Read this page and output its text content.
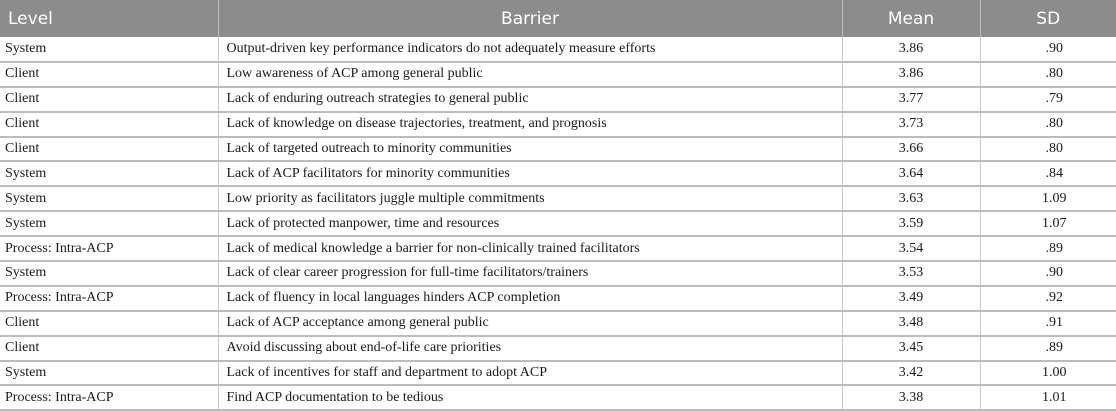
Level	Barrier	Mean	SD
System	Output-driven key performance indicators do not adequately measure efforts	3.86	.90
Client	Low awareness of ACP among general public	3.86	.80
Client	Lack of enduring outreach strategies to general public	3.77	.79
Client	Lack of knowledge on disease trajectories, treatment, and prognosis	3.73	.80
Client	Lack of targeted outreach to minority communities	3.66	.80
System	Lack of ACP facilitators for minority communities	3.64	.84
System	Low priority as facilitators juggle multiple commitments	3.63	1.09
System	Lack of protected manpower, time and resources	3.59	1.07
Process: Intra-ACP	Lack of medical knowledge a barrier for non-clinically trained facilitators	3.54	.89
System	Lack of clear career progression for full-time facilitators/trainers	3.53	.90
Process: Intra-ACP	Lack of fluency in local languages hinders ACP completion	3.49	.92
Client	Lack of ACP acceptance among general public	3.48	.91
Client	Avoid discussing about end-of-life care priorities	3.45	.89
System	Lack of incentives for staff and department to adopt ACP	3.42	1.00
Process: Intra-ACP	Find ACP documentation to be tedious	3.38	1.01
